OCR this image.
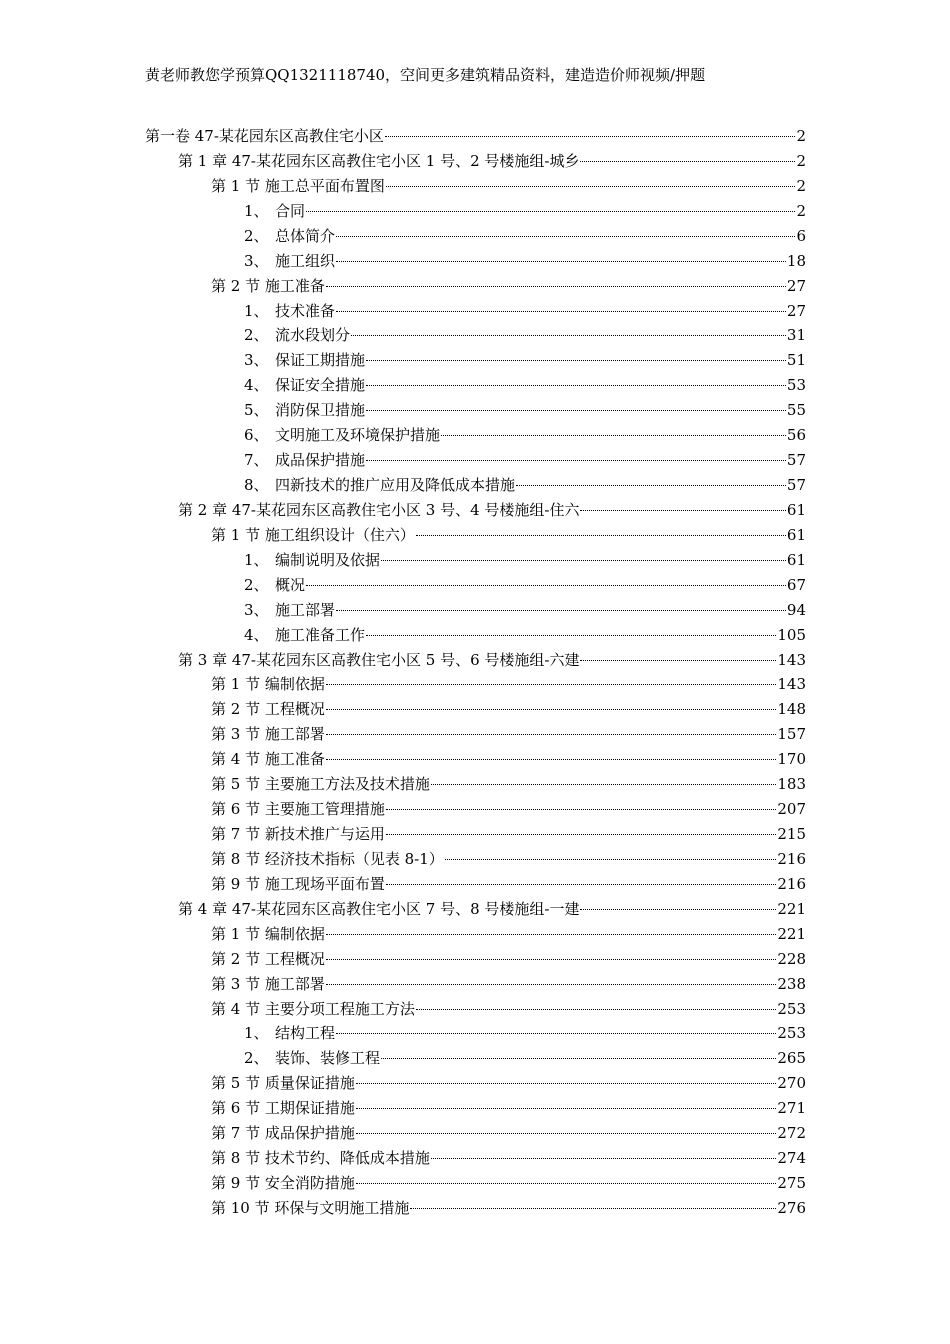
黄老师教您学预算QQ1321118740，空间更多建筑精品资料，建造造价师视频/押题
第一卷 47-某花园东区高教住宅小区	2
第 1 章 47-某花园东区高教住宅小区 1 号、2 号楼施组-城乡	2
第 1 节 施工总平面布置图	2
1、 合同	2
2、 总体简介	6
3、 施工组织	18
第 2 节 施工准备	27
1、 技术准备	27
2、 流水段划分	31
3、 保证工期措施	51
4、 保证安全措施	53
5、 消防保卫措施	55
6、 文明施工及环境保护措施	56
7、 成品保护措施	57
8、 四新技术的推广应用及降低成本措施	57
第 2 章 47-某花园东区高教住宅小区 3 号、4 号楼施组-住六	61
第 1 节 施工组织设计（住六）	61
1、 编制说明及依据	61
2、 概况	67
3、 施工部署	94
4、 施工准备工作	105
第 3 章 47-某花园东区高教住宅小区 5 号、6 号楼施组-六建	143
第 1 节 编制依据	143
第 2 节 工程概况	148
第 3 节 施工部署	157
第 4 节 施工准备	170
第 5 节 主要施工方法及技术措施	183
第 6 节 主要施工管理措施	207
第 7 节 新技术推广与运用	215
第 8 节 经济技术指标（见表 8-1）	216
第 9 节 施工现场平面布置	216
第 4 章 47-某花园东区高教住宅小区 7 号、8 号楼施组-一建	221
第 1 节 编制依据	221
第 2 节 工程概况	228
第 3 节 施工部署	238
第 4 节 主要分项工程施工方法	253
1、 结构工程	253
2、 装饰、装修工程	265
第 5 节 质量保证措施	270
第 6 节 工期保证措施	271
第 7 节 成品保护措施	272
第 8 节 技术节约、降低成本措施	274
第 9 节 安全消防措施	275
第 10 节 环保与文明施工措施	276
